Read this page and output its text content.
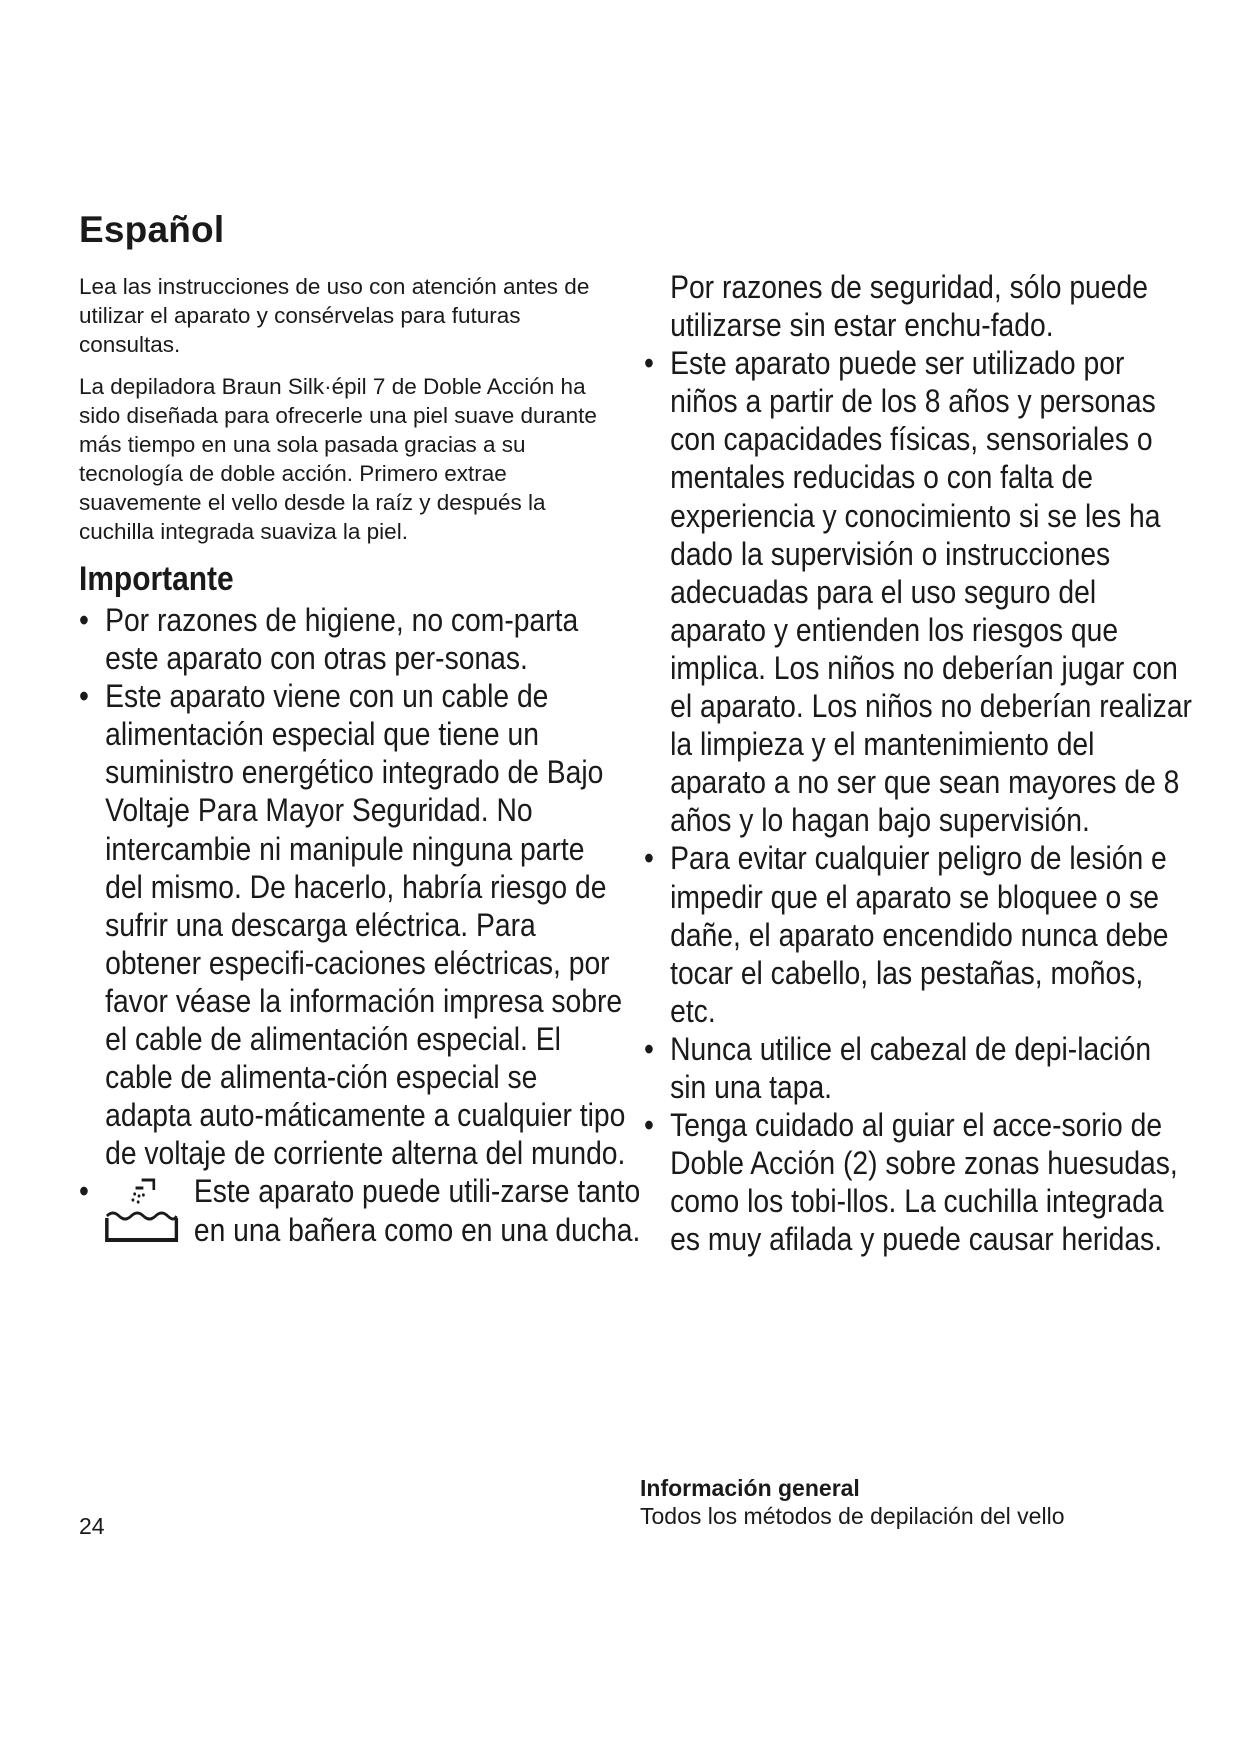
Español

Lea las instrucciones de uso con atención antes de utilizar el aparato y consérvelas para futuras consultas.

La depiladora Braun Silk·épil 7 de Doble Acción ha sido diseñada para ofrecerle una piel suave durante más tiempo en una sola pasada gracias a su tecnología de doble acción. Primero extrae suavemente el vello desde la raíz y después la cuchilla integrada suaviza la piel.

Importante
• Por razones de higiene, no com-parta este aparato con otras per-sonas.
• Este aparato viene con un cable de alimentación especial que tiene un suministro energético integrado de Bajo Voltaje Para Mayor Seguridad. No intercambie ni manipule ninguna parte del mismo. De hacerlo, habría riesgo de sufrir una descarga eléctrica. Para obtener especifi-caciones eléctricas, por favor véase la información impresa sobre el cable de alimentación especial. El cable de alimenta-ción especial se adapta auto-máticamente a cualquier tipo de voltaje de corriente alterna del mundo.
•	Este aparato puede utili-zarse tanto en una bañera como en una ducha.

Por razones de seguridad, sólo puede utilizarse sin estar enchu-fado.

• Este aparato puede ser utilizado por niños a partir de los 8 años y personas con capacidades físicas, sensoriales o mentales reducidas o con falta de experiencia y conocimiento si se les ha dado la supervisión o instrucciones adecuadas para el uso seguro del aparato y entienden los riesgos que implica. Los niños no deberían jugar con el aparato. Los niños no deberían realizar la limpieza y el mantenimiento del aparato a no ser que sean mayores de 8 años y lo hagan bajo supervisión.
• Para evitar cualquier peligro de lesión e impedir que el aparato se bloquee o se dañe, el aparato encendido nunca debe tocar el cabello, las pestañas, moños, etc.
• Nunca utilice el cabezal de depi-lación sin una tapa.
• Tenga cuidado al guiar el acce-sorio de Doble Acción (2) sobre zonas huesudas, como los tobi-llos. La cuchilla integrada es muy afilada y puede causar heridas.
Información general

Todos los métodos de depilación del vello

24
